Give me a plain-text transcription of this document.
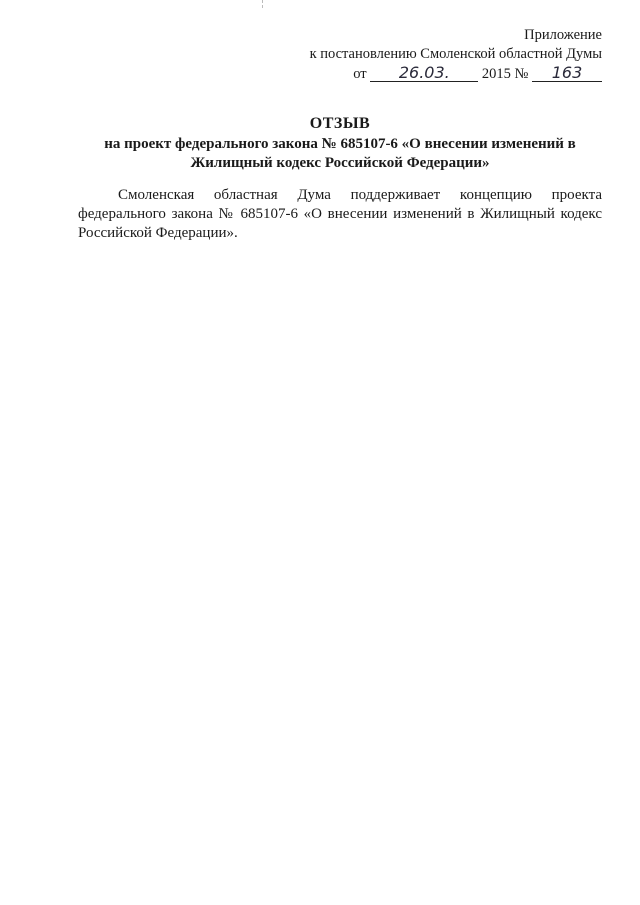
Приложение
к постановлению Смоленской областной Думы
от 26.03. 2015 № 163
ОТЗЫВ
на проект федерального закона № 685107-6 «О внесении изменений в Жилищный кодекс Российской Федерации»

Смоленская областная Дума поддерживает концепцию проекта федерального закона № 685107-6 «О внесении изменений в Жилищный кодекс Российской Федерации».
